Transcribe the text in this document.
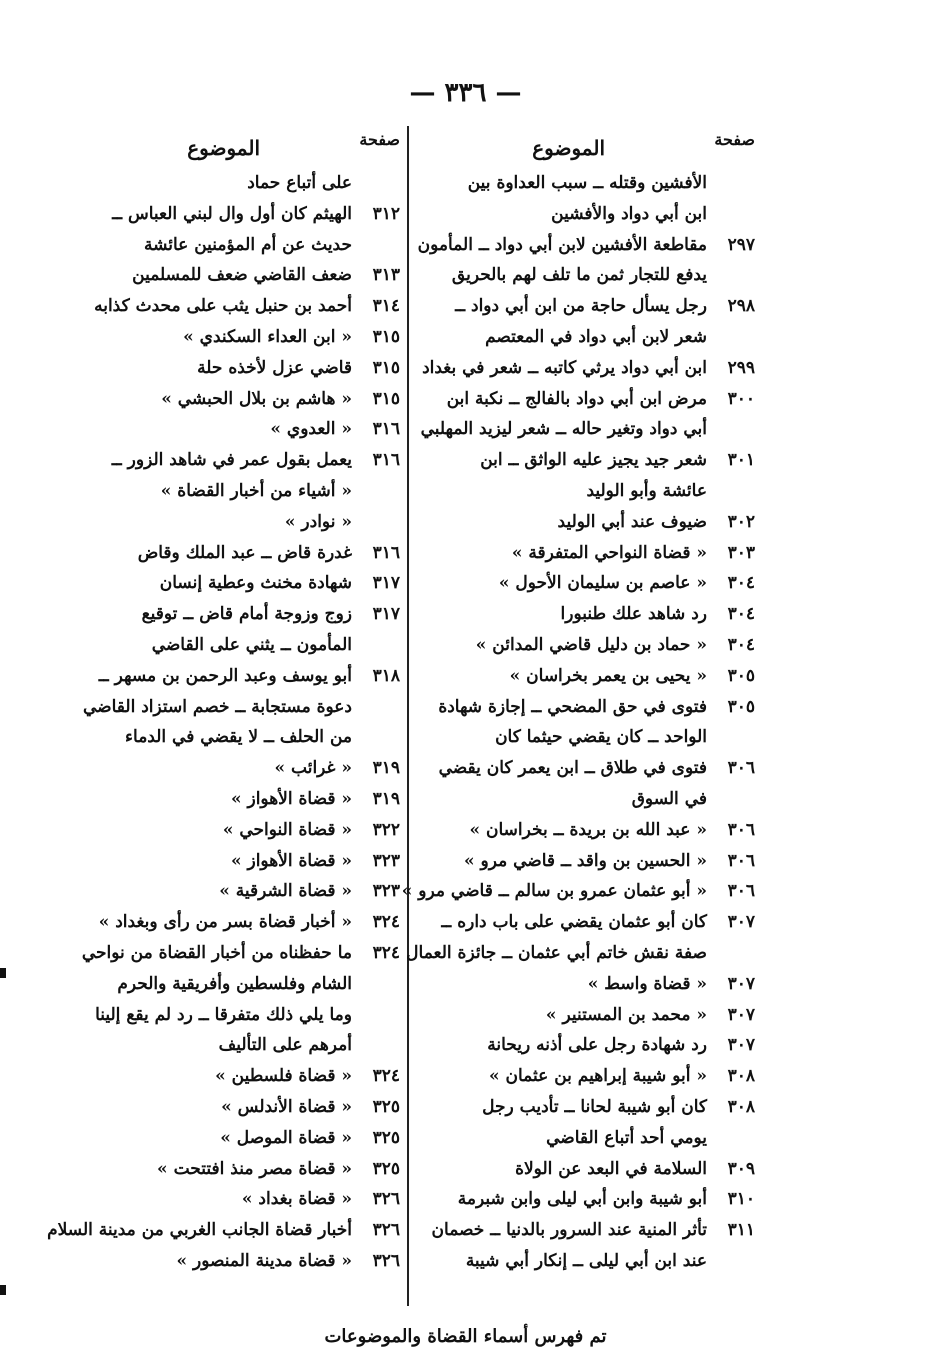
— ٣٣٦ —
صفحة
الموضوع
الأفشين وقتله ــ سبب العداوة بين
ابن أبي دواد والأفشين
٢٩٧
مقاطعة الأفشين لابن أبي دواد ــ المأمون
يدفع للتجار ثمن ما تلف لهم بالحريق
٢٩٨
رجل يسأل حاجة من ابن أبي دواد ــ
شعر لابن أبي دواد في المعتصم
٢٩٩
ابن أبي دواد يرثي كاتبه ــ شعر في بغداد
٣٠٠
مرض ابن أبي دواد بالفالج ــ نكبة ابن
أبي دواد وتغير حاله ــ شعر ليزيد المهلبي
٣٠١
شعر جيد يجيز عليه الواثق ــ ابن
عائشة وأبو الوليد
٣٠٢
ضيوف عند أبي الوليد
٣٠٣
« قضاة النواحي المتفرقة »
٣٠٤
« عاصم بن سليمان الأحول »
٣٠٤
رد شاهد علك طنبورا
٣٠٤
« حماد بن دليل قاضي المدائن »
٣٠٥
« يحيى بن يعمر بخراسان »
٣٠٥
فتوى في حق المضحي ــ إجازة شهادة
الواحد ــ كان يقضي حيثما كان
٣٠٦
فتوى في طلاق ــ ابن يعمر كان يقضي
في السوق
٣٠٦
« عبد الله بن بريدة ــ بخراسان »
٣٠٦
« الحسين بن واقد ــ قاضي مرو »
٣٠٦
« أبو عثمان عمرو بن سالم ــ قاضي مرو »
٣٠٧
كان أبو عثمان يقضي على باب داره ــ
صفة نقش خاتم أبي عثمان ــ جائزة العمال
٣٠٧
« قضاة واسط »
٣٠٧
« محمد بن المستنير »
٣٠٧
رد شهادة رجل على أذنه ريحانة
٣٠٨
« أبو شيبة إبراهيم بن عثمان »
٣٠٨
كان أبو شيبة لحانا ــ تأديب رجل
يومي أحد أتباع القاضي
٣٠٩
السلامة في البعد عن الولاة
٣١٠
أبو شيبة وابن أبي ليلى وابن شبرمة
٣١١
تأثر المنية عند السرور بالدنيا ــ خصمان
عند ابن أبي ليلى ــ إنكار أبي شيبة
صفحة
الموضوع
على أتباع حماد
٣١٢
الهيثم كان أول وال لبني العباس ــ
حديث عن أم المؤمنين عائشة
٣١٣
ضعف القاضي ضعف للمسلمين
٣١٤
أحمد بن حنبل يثب على محدث كذابه
٣١٥
« ابن العداء السكندي »
٣١٥
قاضي عزل لأخذه حلة
٣١٥
« هاشم بن بلال الحبشي »
٣١٦
« العدوي »
٣١٦
يعمل بقول عمر في شاهد الزور ــ
« أشياء من أخبار القضاة »
« نوادر »
٣١٦
غدرة قاض ــ عبد الملك وقاض
٣١٧
شهادة مخنث وعطية إنسان
٣١٧
زوج وزوجة أمام قاض ــ توقيع
المأمون ــ يثني على القاضي
٣١٨
أبو يوسف وعبد الرحمن بن مسهر ــ
دعوة مستجابة ــ خصم استزاد القاضي
من الحلف ــ لا يقضي في الدماء
٣١٩
« غرائب »
٣١٩
« قضاة الأهواز »
٣٢٢
« قضاة النواحي »
٣٢٣
« قضاة الأهواز »
٣٢٣
« قضاة الشرقية »
٣٢٤
« أخبار قضاة بسر من رأى وبغداد »
٣٢٤
ما حفظناه من أخبار القضاة من نواحي
الشام وفلسطين وأفريقية والحرم
وما يلي ذلك متفرقا ــ رد لم يقع إلينا
أمرهم على التأليف
٣٢٤
« قضاة فلسطين »
٣٢٥
« قضاة الأندلس »
٣٢٥
« قضاة الموصل »
٣٢٥
« قضاة مصر منذ افتتحت »
٣٢٦
« قضاة بغداد »
٣٢٦
أخبار قضاة الجانب الغربي من مدينة السلام
٣٢٦
« قضاة مدينة المنصور »
تم فهرس أسماء القضاة والموضوعات
